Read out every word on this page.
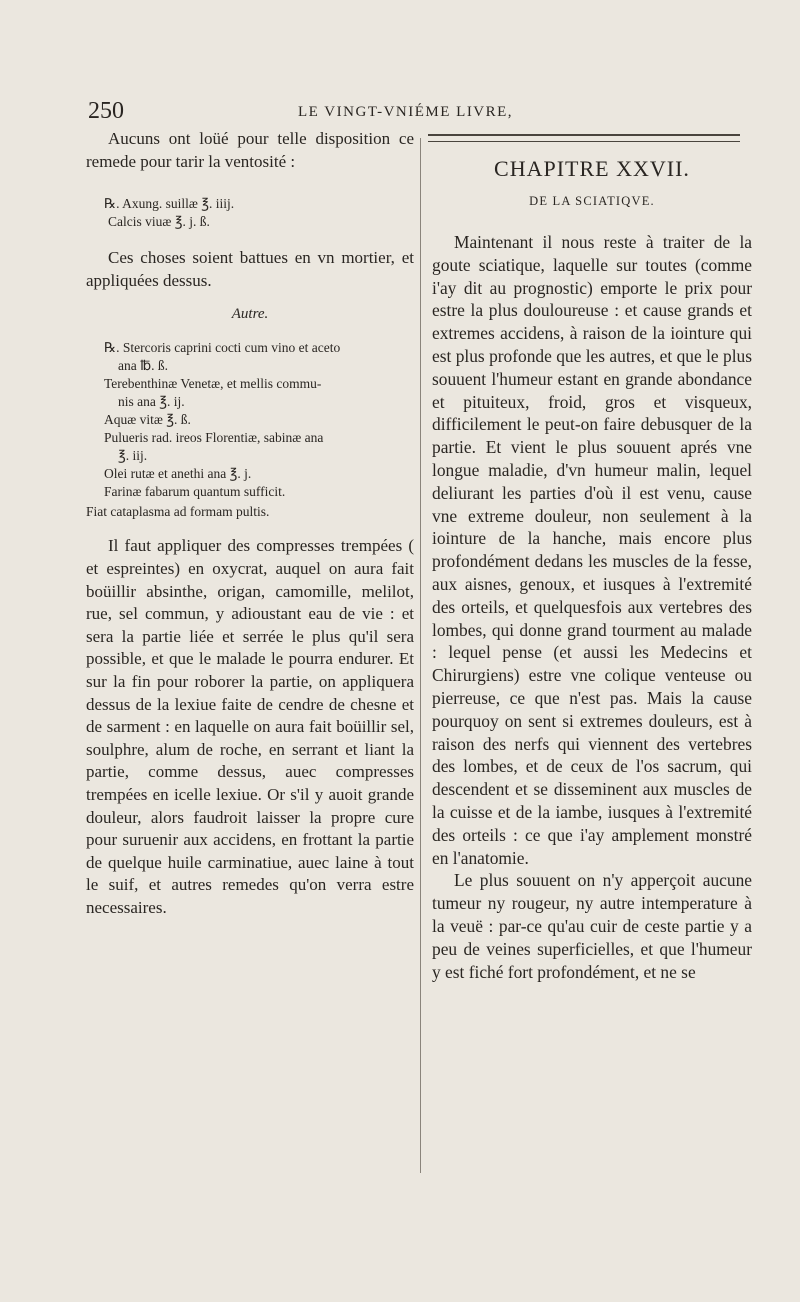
250	LE VINGT-VNIÉME LIVRE,

Aucuns ont loüé pour telle disposition ce remede pour tarir la ventosité :

℞. Axung. suillæ ℥. iiij.
Calcis viuæ ℥. j. ß.

Ces choses soient battues en vn mortier, et appliquées dessus.

Autre.

℞. Stercoris caprini cocti cum vino et aceto
ana ℔. ß.
Terebenthinæ Venetæ, et mellis commu-
nis ana ℥. ij.
Aquæ vitæ ℥. ß.
Pulueris rad. ireos Florentiæ, sabinæ ana
℥. iij.
Olei rutæ et anethi ana ℥. j.
Farinæ fabarum quantum sufficit.

Fiat cataplasma ad formam pultis.

Il faut appliquer des compresses trempées ( et espreintes) en oxycrat, auquel on aura fait boüillir absinthe, origan, camomille, melilot, rue, sel commun, y adioustant eau de vie : et sera la partie liée et serrée le plus qu'il sera possible, et que le malade le pourra endurer. Et sur la fin pour roborer la partie, on appliquera dessus de la lexiue faite de cendre de chesne et de sarment : en laquelle on aura fait boüillir sel, soulphre, alum de roche, en serrant et liant la partie, comme dessus, auec compresses trempées en icelle lexiue. Or s'il y auoit grande douleur, alors faudroit laisser la propre cure pour suruenir aux accidens, en frottant la partie de quelque huile carminatiue, auec laine à tout le suif, et autres remedes qu'on verra estre necessaires.

CHAPITRE XXVII.

DE LA SCIATIQVE.

Maintenant il nous reste à traiter de la goute sciatique, laquelle sur toutes (comme i'ay dit au prognostic) emporte le prix pour estre la plus douloureuse : et cause grands et extremes accidens, à raison de la iointure qui est plus profonde que les autres, et que le plus souuent l'humeur estant en grande abondance et pituiteux, froid, gros et visqueux, difficilement le peut-on faire debusquer de la partie. Et vient le plus souuent aprés vne longue maladie, d'vn humeur malin, lequel deliurant les parties d'où il est venu, cause vne extreme douleur, non seulement à la iointure de la hanche, mais encore plus profondément dedans les muscles de la fesse, aux aisnes, genoux, et iusques à l'extremité des orteils, et quelquesfois aux vertebres des lombes, qui donne grand tourment au malade : lequel pense (et aussi les Medecins et Chirurgiens) estre vne colique venteuse ou pierreuse, ce que n'est pas. Mais la cause pourquoy on sent si extremes douleurs, est à raison des nerfs qui viennent des vertebres des lombes, et de ceux de l'os sacrum, qui descendent et se disseminent aux muscles de la cuisse et de la iambe, iusques à l'extremité des orteils : ce que i'ay amplement monstré en l'anatomie.

Le plus souuent on n'y apperçoit aucune tumeur ny rougeur, ny autre intemperature à la veuë : par-ce qu'au cuir de ceste partie y a peu de veines superficielles, et que l'humeur y est fiché fort profondément, et ne se
